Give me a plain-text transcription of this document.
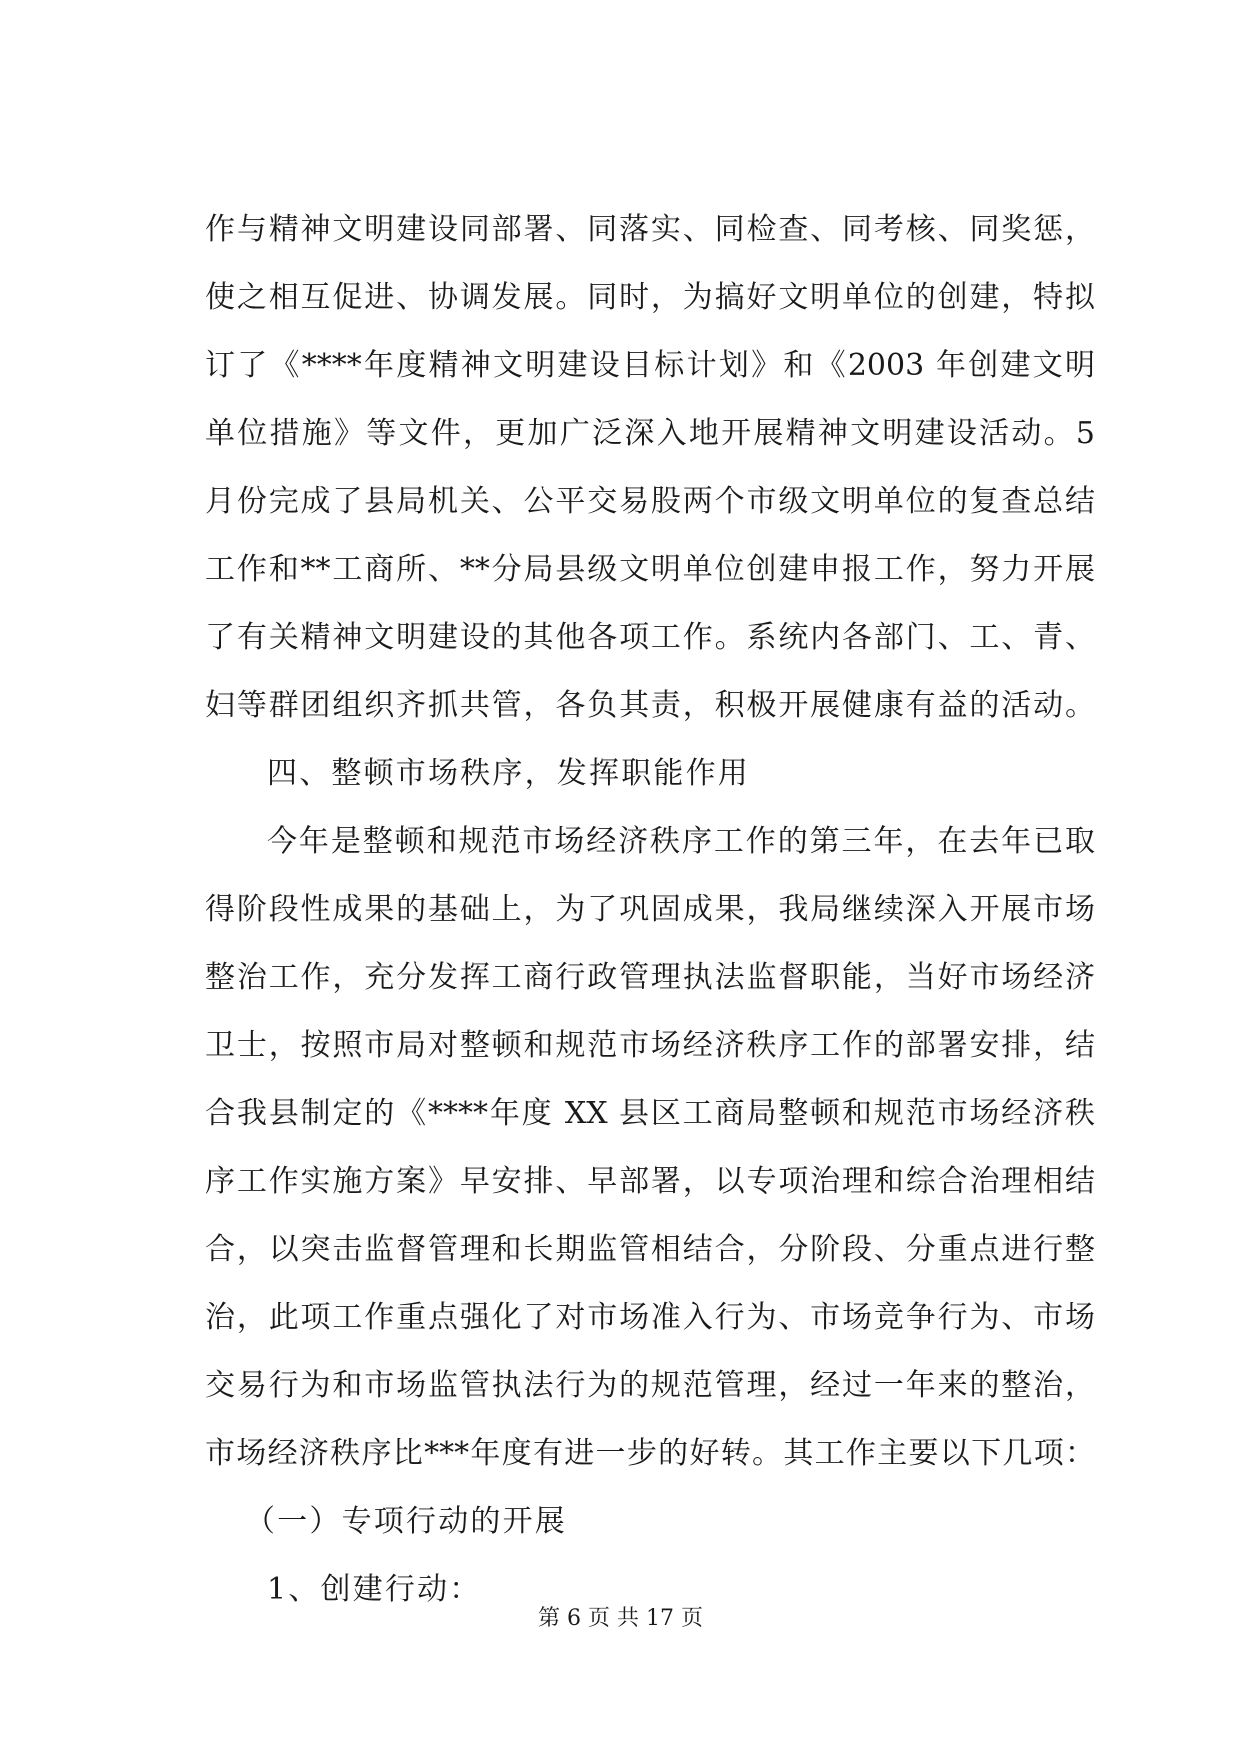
作与精神文明建设同部署、同落实、同检查、同考核、同奖惩，
使之相互促进、协调发展。同时，为搞好文明单位的创建，特拟
订了《****年度精神文明建设目标计划》和《2003 年创建文明
单位措施》等文件，更加广泛深入地开展精神文明建设活动。5
月份完成了县局机关、公平交易股两个市级文明单位的复查总结
工作和**工商所、**分局县级文明单位创建申报工作，努力开展
了有关精神文明建设的其他各项工作。系统内各部门、工、青、
妇等群团组织齐抓共管，各负其责，积极开展健康有益的活动。
四、整顿市场秩序，发挥职能作用
今年是整顿和规范市场经济秩序工作的第三年，在去年已取
得阶段性成果的基础上，为了巩固成果，我局继续深入开展市场
整治工作，充分发挥工商行政管理执法监督职能，当好市场经济
卫士，按照市局对整顿和规范市场经济秩序工作的部署安排，结
合我县制定的《****年度 XX 县区工商局整顿和规范市场经济秩
序工作实施方案》早安排、早部署，以专项治理和综合治理相结
合，以突击监督管理和长期监管相结合，分阶段、分重点进行整
治，此项工作重点强化了对市场准入行为、市场竞争行为、市场
交易行为和市场监管执法行为的规范管理，经过一年来的整治，
市场经济秩序比***年度有进一步的好转。其工作主要以下几项：
（一）专项行动的开展
1、创建行动：
第 6 页 共 17 页
